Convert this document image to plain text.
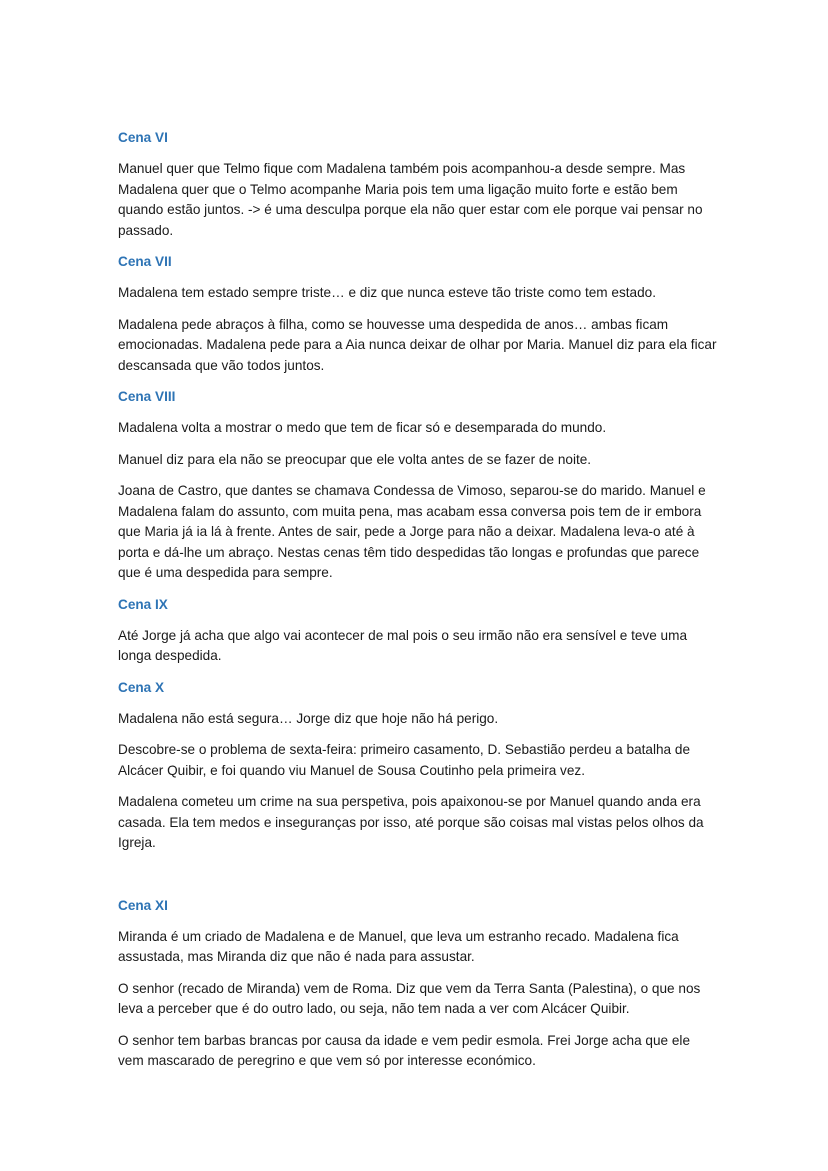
Cena VI

Manuel quer que Telmo fique com Madalena também pois acompanhou-a desde sempre. Mas Madalena quer que o Telmo acompanhe Maria pois tem uma ligação muito forte e estão bem quando estão juntos. -> é uma desculpa porque ela não quer estar com ele porque vai pensar no passado.

Cena VII

Madalena tem estado sempre triste… e diz que nunca esteve tão triste como tem estado.

Madalena pede abraços à filha, como se houvesse uma despedida de anos… ambas ficam emocionadas. Madalena pede para a Aia nunca deixar de olhar por Maria. Manuel diz para ela ficar descansada que vão todos juntos.

Cena VIII

Madalena volta a mostrar o medo que tem de ficar só e desemparada do mundo.

Manuel diz para ela não se preocupar que ele volta antes de se fazer de noite.

Joana de Castro, que dantes se chamava Condessa de Vimoso, separou-se do marido. Manuel e Madalena falam do assunto, com muita pena, mas acabam essa conversa pois tem de ir embora que Maria já ia lá à frente. Antes de sair, pede a Jorge para não a deixar. Madalena leva-o até à porta e dá-lhe um abraço. Nestas cenas têm tido despedidas tão longas e profundas que parece que é uma despedida para sempre.

Cena IX

Até Jorge já acha que algo vai acontecer de mal pois o seu irmão não era sensível e teve uma longa despedida.

Cena X

Madalena não está segura… Jorge diz que hoje não há perigo.

Descobre-se o problema de sexta-feira: primeiro casamento, D. Sebastião perdeu a batalha de Alcácer Quibir, e foi quando viu Manuel de Sousa Coutinho pela primeira vez.

Madalena cometeu um crime na sua perspetiva, pois apaixonou-se por Manuel quando anda era casada. Ela tem medos e inseguranças por isso, até porque são coisas mal vistas pelos olhos da Igreja.

Cena XI

Miranda é um criado de Madalena e de Manuel, que leva um estranho recado. Madalena fica assustada, mas Miranda diz que não é nada para assustar.

O senhor (recado de Miranda) vem de Roma. Diz que vem da Terra Santa (Palestina), o que nos leva a perceber que é do outro lado, ou seja, não tem nada a ver com Alcácer Quibir.

O senhor tem barbas brancas por causa da idade e vem pedir esmola. Frei Jorge acha que ele vem mascarado de peregrino e que vem só por interesse económico.
